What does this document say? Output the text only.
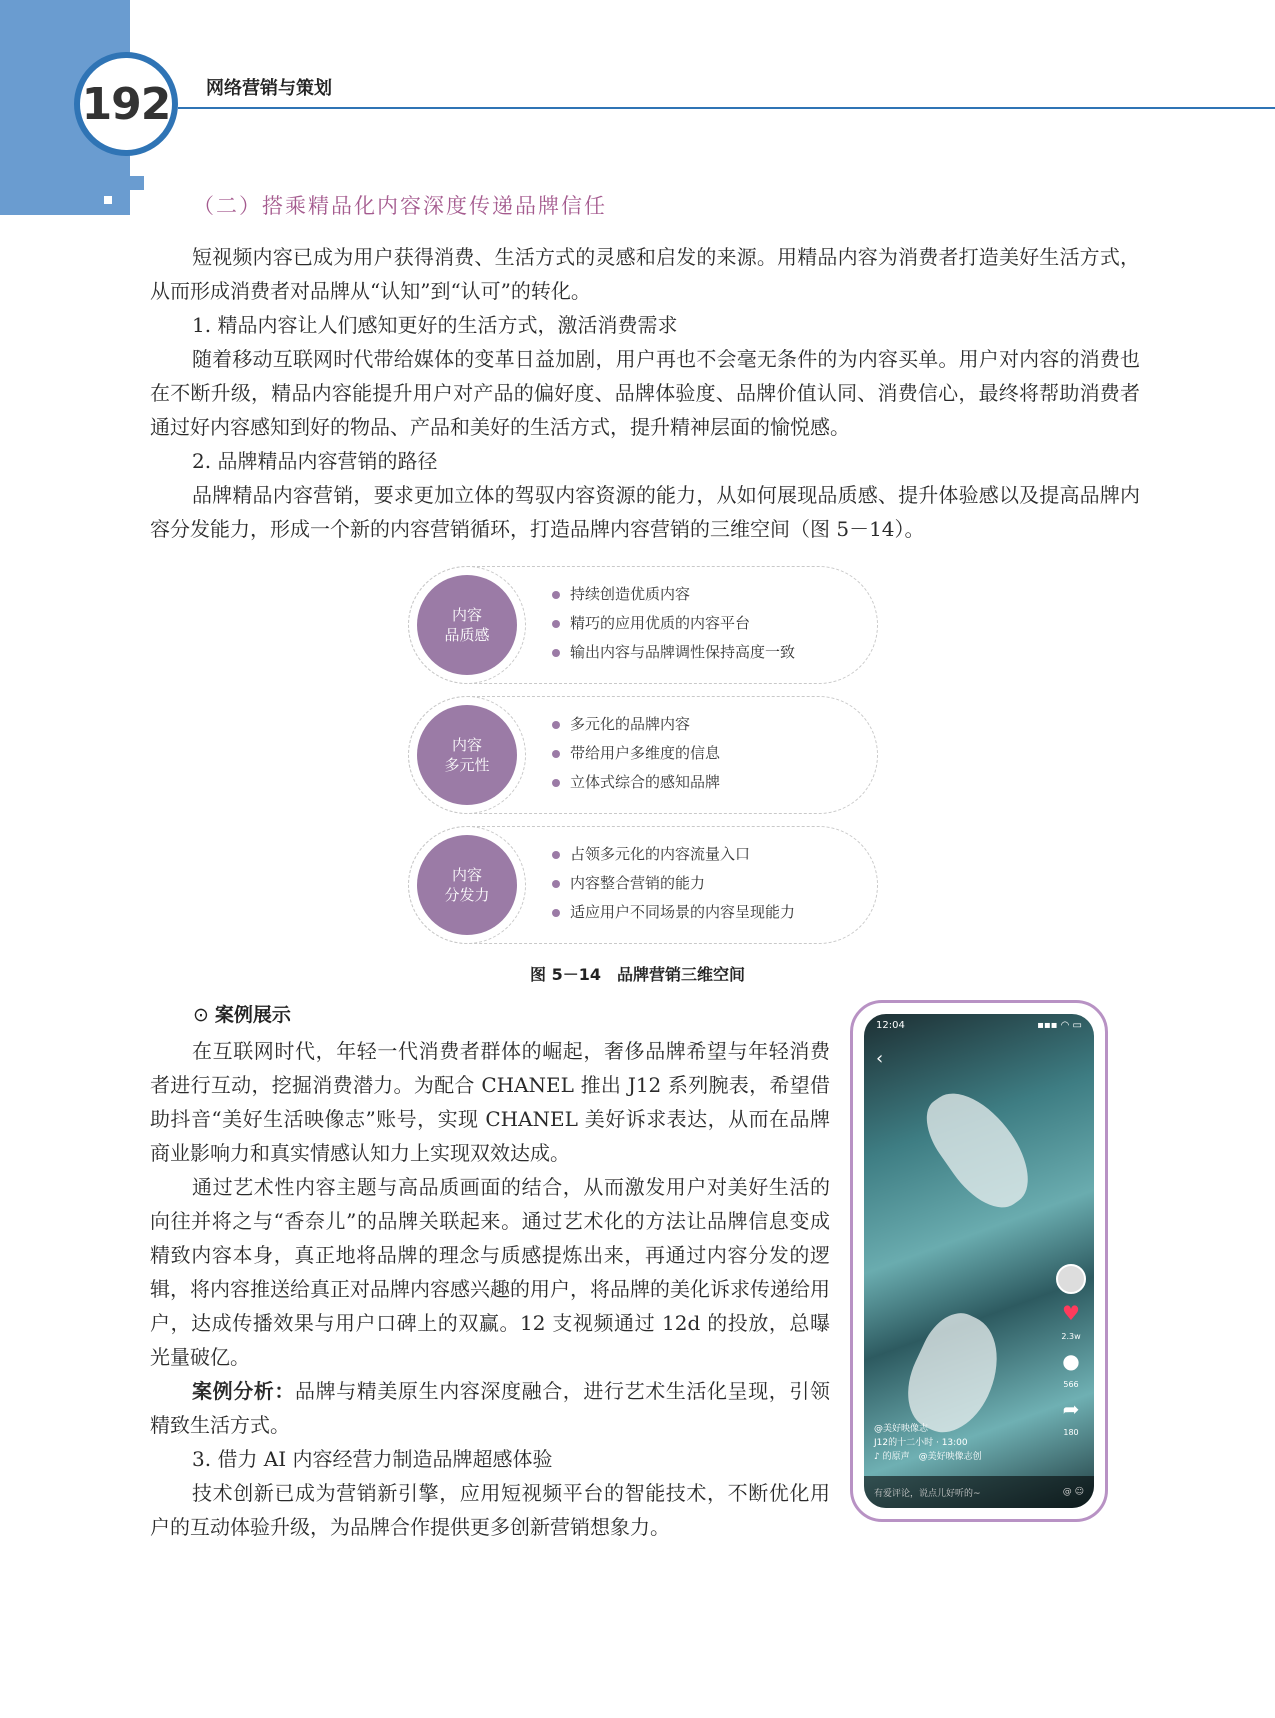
192 网络营销与策划
（二）搭乘精品化内容深度传递品牌信任

短视频内容已成为用户获得消费、生活方式的灵感和启发的来源。用精品内容为消费者打造美好生活方式，从而形成消费者对品牌从“认知”到“认可”的转化。

1. 精品内容让人们感知更好的生活方式，激活消费需求

随着移动互联网时代带给媒体的变革日益加剧，用户再也不会毫无条件的为内容买单。用户对内容的消费也在不断升级，精品内容能提升用户对产品的偏好度、品牌体验度、品牌价值认同、消费信心，最终将帮助消费者通过好内容感知到好的物品、产品和美好的生活方式，提升精神层面的愉悦感。

2. 品牌精品内容营销的路径

品牌精品内容营销，要求更加立体的驾驭内容资源的能力，从如何展现品质感、提升体验感以及提高品牌内容分发能力，形成一个新的内容营销循环，打造品牌内容营销的三维空间（图 5－14）。

内容
品质感
持续创造优质内容
精巧的应用优质的内容平台
输出内容与品牌调性保持高度一致
内容
多元性
多元化的品牌内容
带给用户多维度的信息
立体式综合的感知品牌
内容
分发力
占领多元化的内容流量入口
内容整合营销的能力
适应用户不同场景的内容呈现能力
图 5－14　品牌营销三维空间
⊙ 案例展示

在互联网时代，年轻一代消费者群体的崛起，奢侈品牌希望与年轻消费者进行互动，挖掘消费潜力。为配合 CHANEL 推出 J12 系列腕表，希望借助抖音“美好生活映像志”账号，实现 CHANEL 美好诉求表达，从而在品牌商业影响力和真实情感认知力上实现双效达成。

通过艺术性内容主题与高品质画面的结合，从而激发用户对美好生活的向往并将之与“香奈儿”的品牌关联起来。通过艺术化的方法让品牌信息变成精致内容本身，真正地将品牌的理念与质感提炼出来，再通过内容分发的逻辑，将内容推送给真正对品牌内容感兴趣的用户，将品牌的美化诉求传递给用户，达成传播效果与用户口碑上的双赢。12 支视频通过 12d 的投放，总曝光量破亿。

案例分析：品牌与精美原生内容深度融合，进行艺术生活化呈现，引领精致生活方式。

3. 借力 AI 内容经营力制造品牌超感体验

技术创新已成为营销新引擎，应用短视频平台的智能技术，不断优化用户的互动体验升级，为品牌合作提供更多创新营销想象力。

12:04	▪▪▪ ◠ ▭
‹
♥
2.3w
●
566
➦
180
@美好映像志
J12的十二小时 · 13:00
♪ 的原声　@美好映像志创
有爱评论，说点儿好听的~	@ ☺
